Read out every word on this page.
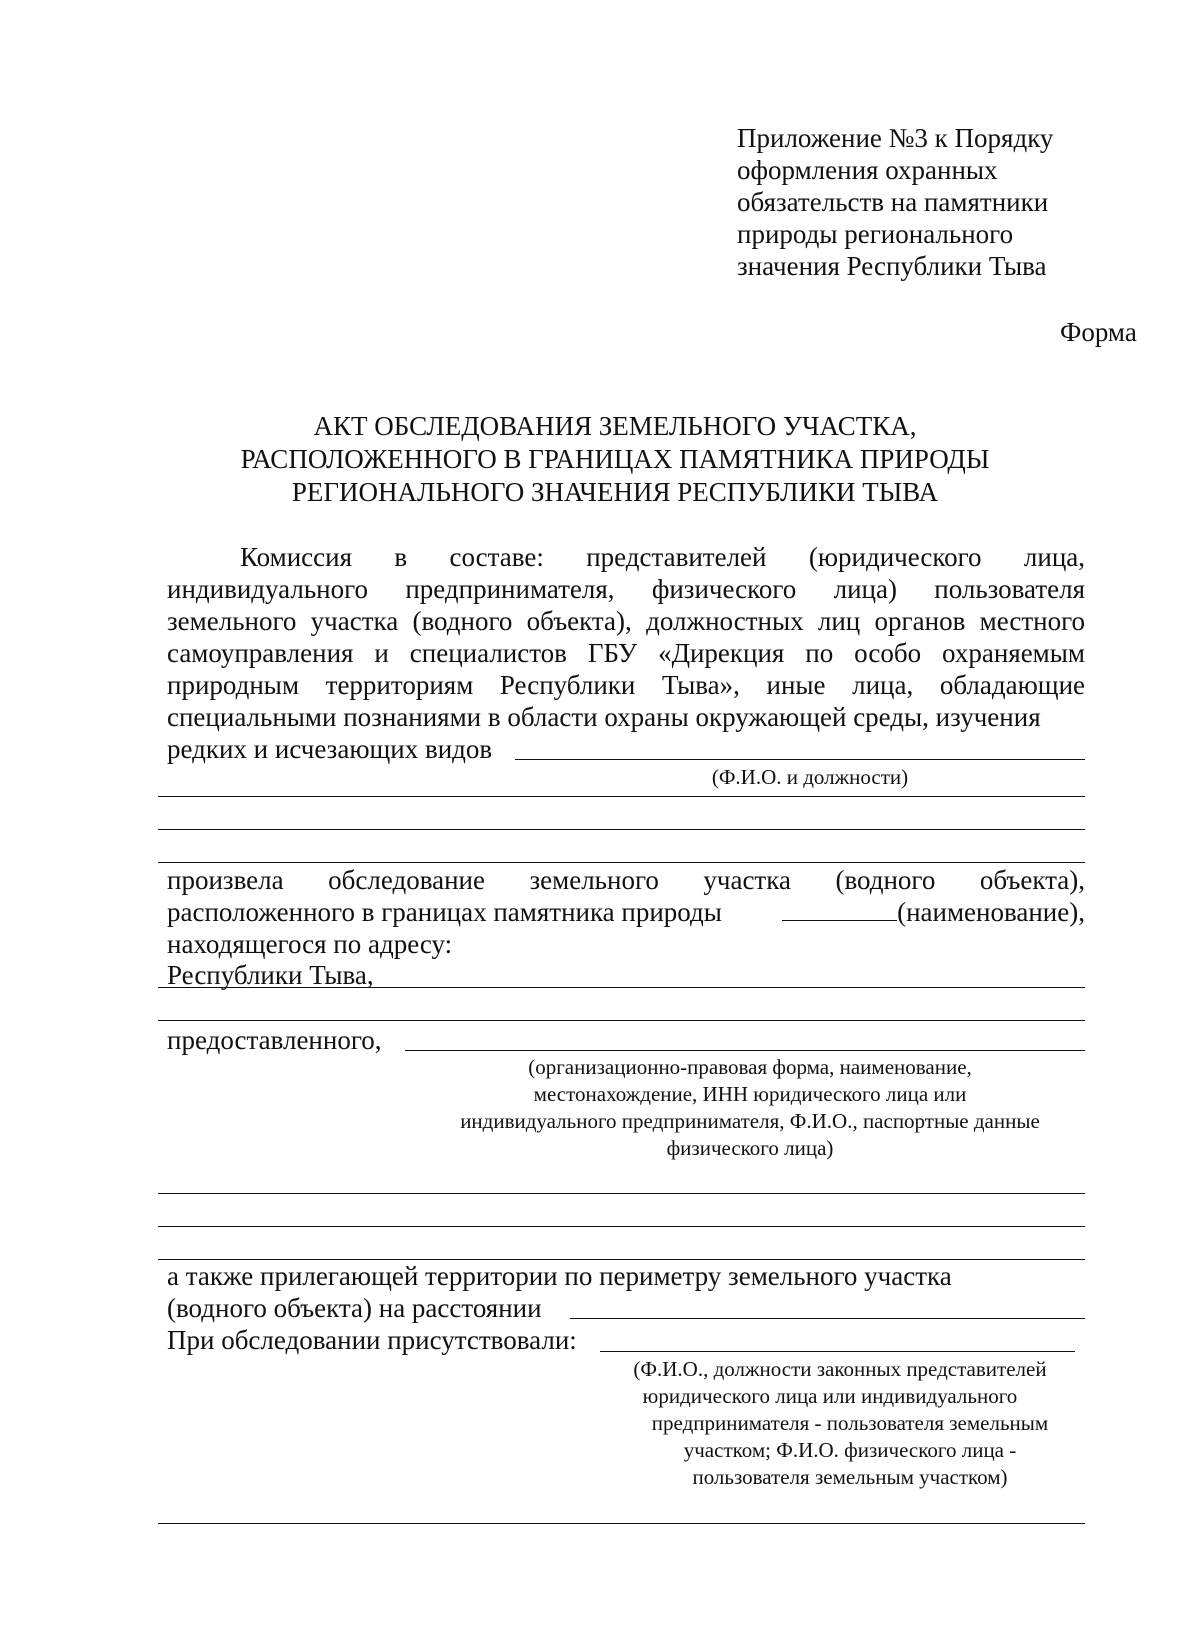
Приложение №3 к Порядку
оформления охранных
обязательств на памятники
природы регионального
значения Республики Тыва
Форма
АКТ ОБСЛЕДОВАНИЯ ЗЕМЕЛЬНОГО УЧАСТКА,
РАСПОЛОЖЕННОГО В ГРАНИЦАХ ПАМЯТНИКА ПРИРОДЫ
РЕГИОНАЛЬНОГО ЗНАЧЕНИЯ РЕСПУБЛИКИ ТЫВА
Комиссия в составе: представителей (юридического лица,
индивидуального предпринимателя, физического лица) пользователя
земельного участка (водного объекта), должностных лиц органов местного
самоуправления и специалистов ГБУ «Дирекция по особо охраняемым
природным территориям Республики Тыва», иные лица, обладающие
специальными познаниями в области охраны окружающей среды, изучения
редких и исчезающих видов
(Ф.И.О. и должности)
произвела обследование земельного участка (водного объекта),
расположенного в границах памятника природы	(наименование),
находящегося по адресу:
Республики Тыва,
предоставленного,
(организационно-правовая форма, наименование,
местонахождение, ИНН юридического лица или
индивидуального предпринимателя, Ф.И.О., паспортные данные
физического лица)
а также прилегающей территории по периметру земельного участка
(водного объекта) на расстоянии
При обследовании присутствовали:
(Ф.И.О., должности законных представителей
юридического лица или индивидуального
предпринимателя - пользователя земельным
участком; Ф.И.О. физического лица -
пользователя земельным участком)
